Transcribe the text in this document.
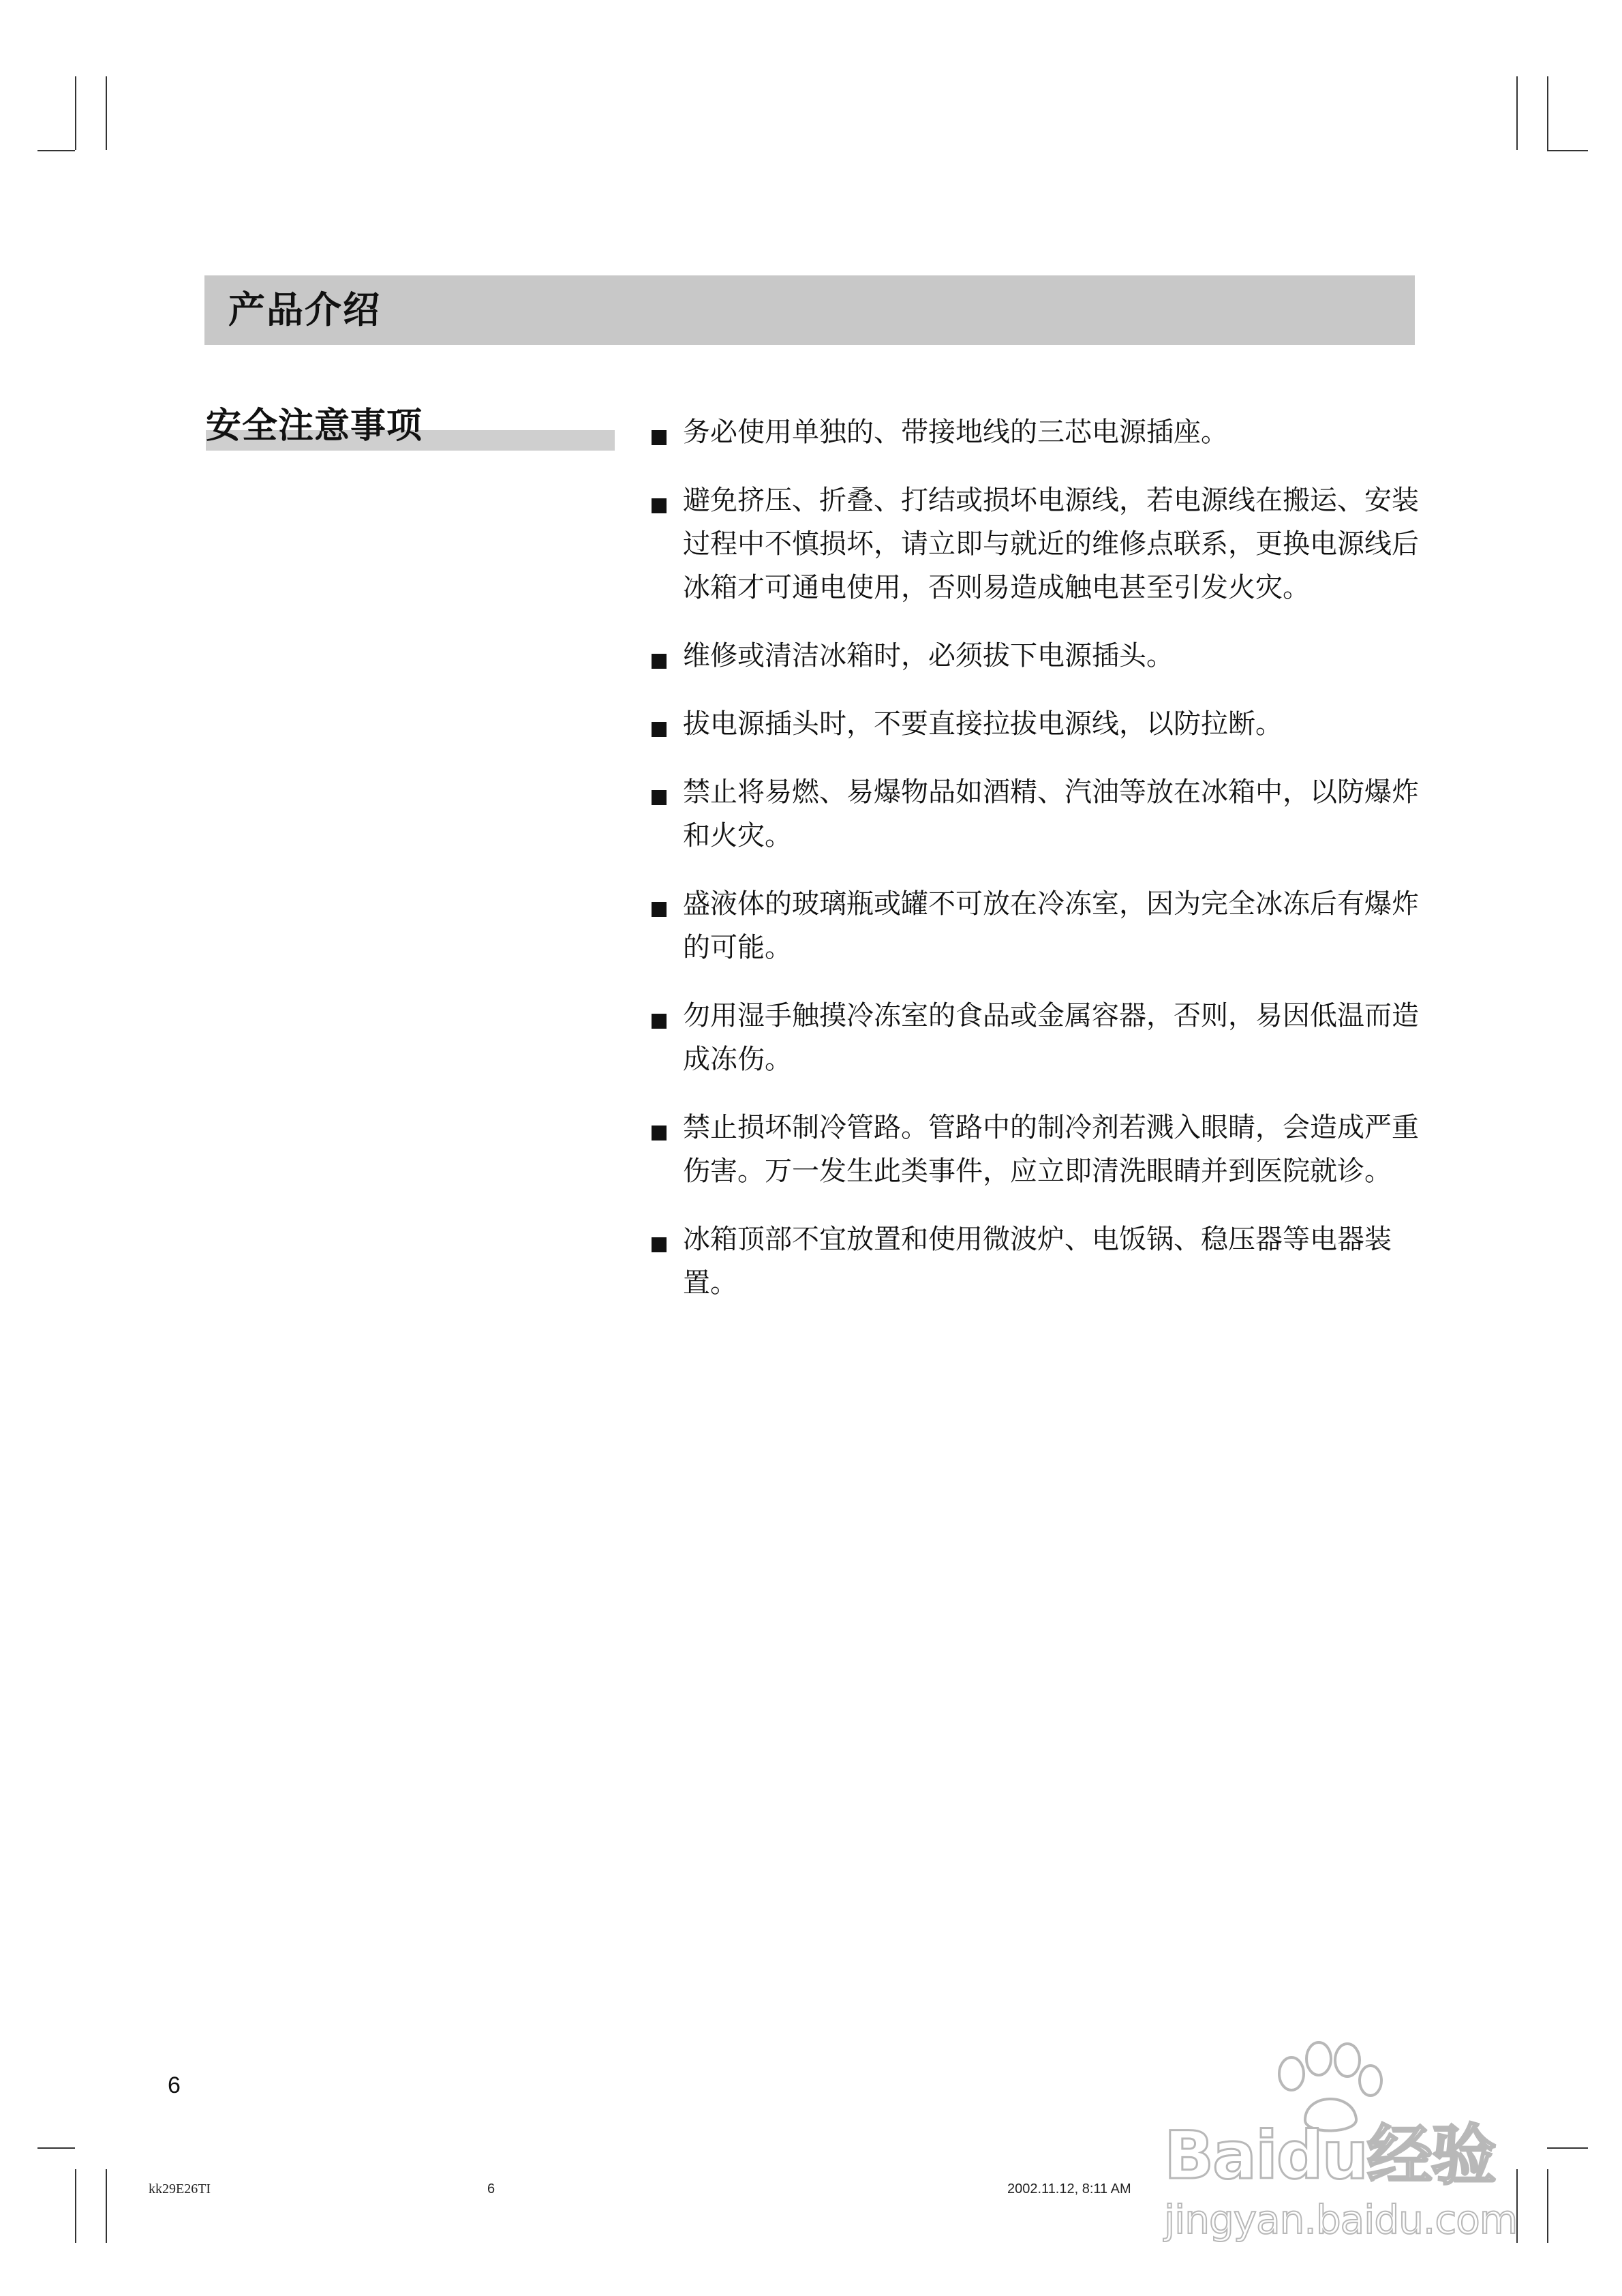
产品介绍
安全注意事项	务必使用单独的、带接地线的三芯电源插座。
避免挤压、折叠、打结或损坏电源线，若电源线在搬运、安装过程中不慎损坏，请立即与就近的维修点联系，更换电源线后冰箱才可通电使用，否则易造成触电甚至引发火灾。
维修或清洁冰箱时，必须拔下电源插头。
拔电源插头时，不要直接拉拔电源线，以防拉断。
禁止将易燃、易爆物品如酒精、汽油等放在冰箱中，以防爆炸和火灾。
盛液体的玻璃瓶或罐不可放在冷冻室，因为完全冰冻后有爆炸的可能。
勿用湿手触摸冷冻室的食品或金属容器，否则，易因低温而造成冻伤。
禁止损坏制冷管路。管路中的制冷剂若溅入眼睛，会造成严重伤害。万一发生此类事件，应立即清洗眼睛并到医院就诊。
冰箱顶部不宜放置和使用微波炉、电饭锅、稳压器等电器装置。
6
kk29E26TI	6	2002.11.12, 8:11 AM Baidu经验
jingyan.baidu.com
